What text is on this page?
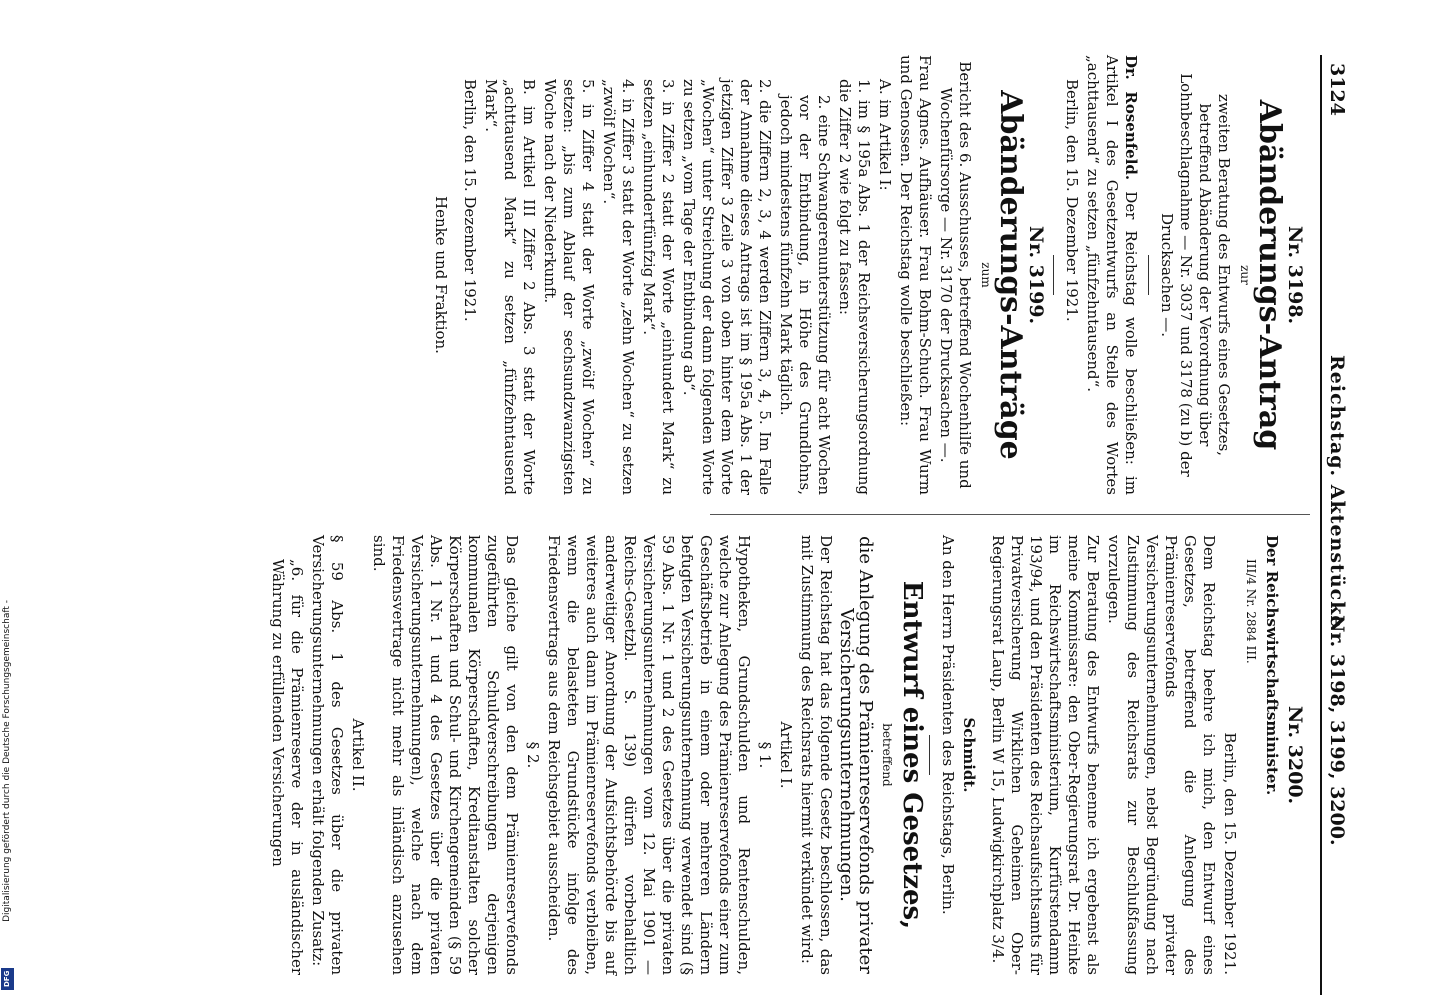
3124
Reichstag. Aktenstücke
Nr. 3198, 3199, 3200.
Nr. 3198.
Abänderungs-Antrag
zur

zweiten Beratung des Entwurfs eines Gesetzes, betreffend Abänderung der Verordnung über Lohnbeschlagnahme — Nr. 3037 und 3178 (zu b) der Drucksachen —.

Dr. Rosenfeld. Der Reichstag wolle beschließen: im Artikel I des Gesetzentwurfs an Stelle des Wortes „achttausend“ zu setzen „fünfzehntausend“.

Berlin, den 15. Dezember 1921.

Nr. 3199.
Abänderungs-Anträge
zum

Bericht des 6. Ausschusses, betreffend Wochenhilfe und Wochenfürsorge — Nr. 3170 der Drucksachen —.

Frau Agnes. Aufhäuser. Frau Bohm-Schuch. Frau Wurm und Genossen. Der Reichstag wolle beschließen:

A. im Artikel I:

1. im § 195a Abs. 1 der Reichsversicherungsordnung die Ziffer 2 wie folgt zu fassen:

2. eine Schwangerenunterstützung für acht Wochen vor der Entbindung, in Höhe des Grundlohns, jedoch mindestens fünfzehn Mark täglich.

2. die Ziffern 2, 3, 4 werden Ziffern 3, 4, 5. Im Falle der Annahme dieses Antrags ist im § 195a Abs. 1 der jetzigen Ziffer 3 Zeile 3 von oben hinter dem Worte „Wochen“ unter Streichung der dann folgenden Worte zu setzen „vom Tage der Entbindung ab“.

3. in Ziffer 2 statt der Worte „einhundert Mark“ zu setzen „einhundertfünfzig Mark“.

4. in Ziffer 3 statt der Worte „zehn Wochen“ zu setzen „zwölf Wochen“.

5. in Ziffer 4 statt der Worte „zwölf Wochen“ zu setzen: „bis zum Ablauf der sechsundzwanzigsten Woche nach der Niederkunft.

B. im Artikel III Ziffer 2 Abs. 3 statt der Worte „achttausend Mark“ zu setzen „fünfzehntausend Mark“.

Berlin, den 15. Dezember 1921.

Henke und Fraktion.
Nr. 3200.

Der Reichswirtschaftsminister.

III/4 Nr. 2884 III.

Berlin, den 15. Dezember 1921.

Dem Reichstag beehre ich mich, den Entwurf eines Gesetzes, betreffend die Anlegung des Prämienreservefonds privater Versicherungsunternehmungen, nebst Begründung nach Zustimmung des Reichsrats zur Beschlußfassung vorzulegen.

Zur Beratung des Entwurfs benenne ich ergebenst als meine Kommissare: den Ober-Regierungsrat Dr. Heinke im Reichswirtschaftsministerium, Kurfürstendamm 193/94, und den Präsidenten des Reichsaufsichtsamts für Privatversicherung Wirklichen Geheimen Ober-Regierungsrat Laup, Berlin W 15, Ludwigkirchplatz 3/4.

Schmidt.

An den Herrn Präsidenten des Reichstags, Berlin.

Entwurf eines Gesetzes,
betreffend

die Anlegung des Prämienreservefonds privater Versicherungsunternehmungen.

Der Reichstag hat das folgende Gesetz beschlossen, das mit Zustimmung des Reichsrats hiermit verkündet wird:

Artikel I.

§ 1.

Hypotheken, Grundschulden und Rentenschulden, welche zur Anlegung des Prämienreservefonds einer zum Geschäftsbetrieb in einem oder mehreren Ländern befugten Versicherungsunternehmung verwendet sind (§ 59 Abs. 1 Nr. 1 und 2 des Gesetzes über die privaten Versicherungsunternehmungen vom 12. Mai 1901 — Reichs-Gesetzbl. S. 139) dürfen vorbehaltlich anderweitiger Anordnung der Aufsichtsbehörde bis auf weiteres auch dann im Prämienreservefonds verbleiben, wenn die belasteten Grundstücke infolge des Friedensvertrags aus dem Reichsgebiet ausscheiden.

§ 2.

Das gleiche gilt von den dem Prämienreservefonds zugeführten Schuldverschreibungen derjenigen kommunalen Körperschaften, Kreditanstalten solcher Körperschaften und Schul- und Kirchengemeinden (§ 59 Abs. 1 Nr. 1 und 4 des Gesetzes über die privaten Versicherungsunternehmungen), welche nach dem Friedensvertrage nicht mehr als inländisch anzusehen sind.

Artikel II.

§ 59 Abs. 1 des Gesetzes über die privaten Versicherungsunternehmungen erhält folgenden Zusatz:

„6. für die Prämienreserve der in ausländischer Währung zu erfüllenden Versicherungen

Digitalisierung gefördert durch die Deutsche Forschungsgemeinschaft -
DFG
